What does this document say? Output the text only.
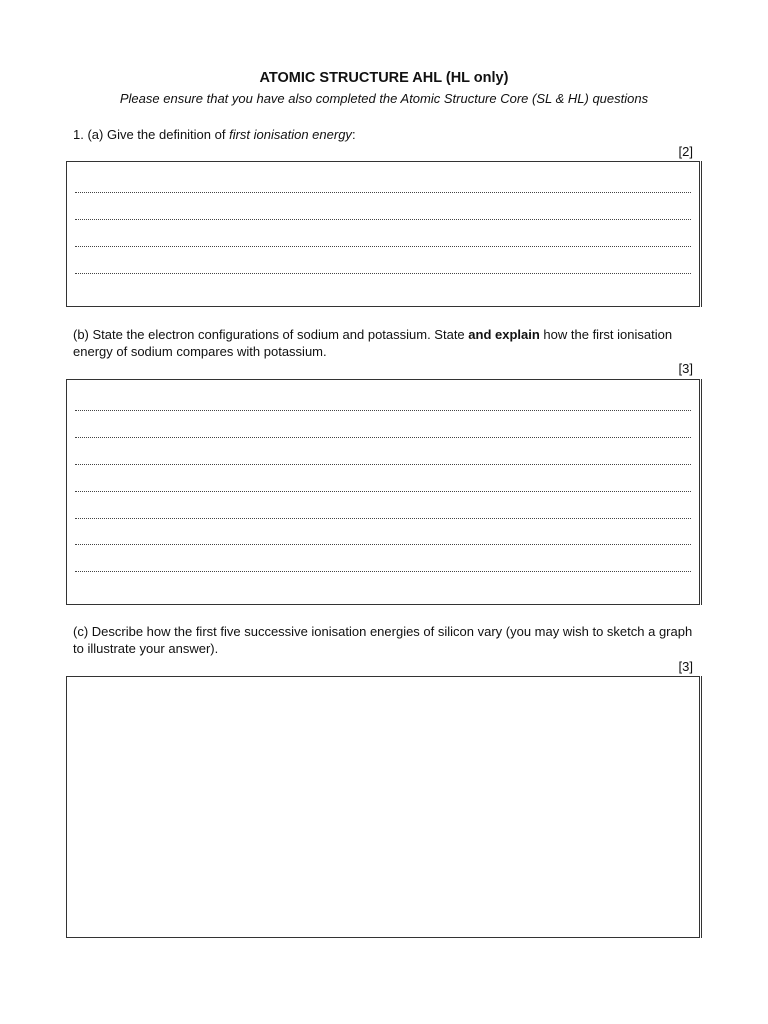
ATOMIC STRUCTURE AHL (HL only)
Please ensure that you have also completed the Atomic Structure Core (SL & HL) questions
1. (a) Give the definition of first ionisation energy:
[2]
(b) State the electron configurations of sodium and potassium. State and explain how the first ionisation energy of sodium compares with potassium.
[3]
(c) Describe how the first five successive ionisation energies of silicon vary (you may wish to sketch a graph to illustrate your answer).
[3]
